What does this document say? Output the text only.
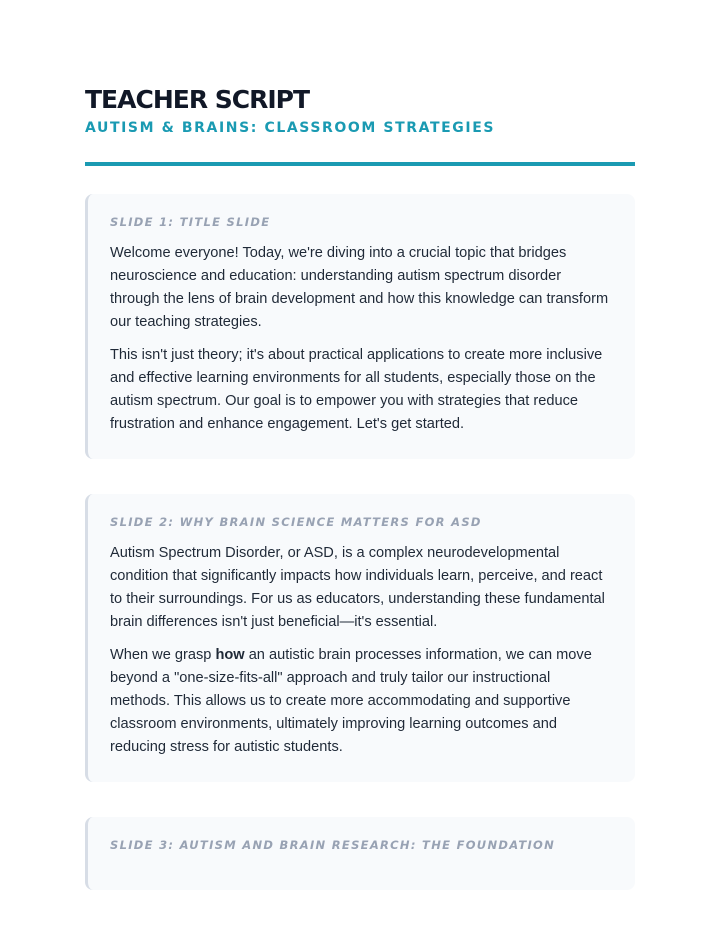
TEACHER SCRIPT
AUTISM & BRAINS: CLASSROOM STRATEGIES
SLIDE 1: TITLE SLIDE

Welcome everyone! Today, we're diving into a crucial topic that bridges neuroscience and education: understanding autism spectrum disorder through the lens of brain development and how this knowledge can transform our teaching strategies.

This isn't just theory; it's about practical applications to create more inclusive and effective learning environments for all students, especially those on the autism spectrum. Our goal is to empower you with strategies that reduce frustration and enhance engagement. Let's get started.

SLIDE 2: WHY BRAIN SCIENCE MATTERS FOR ASD

Autism Spectrum Disorder, or ASD, is a complex neurodevelopmental condition that significantly impacts how individuals learn, perceive, and react to their surroundings. For us as educators, understanding these fundamental brain differences isn't just beneficial—it's essential.

When we grasp how an autistic brain processes information, we can move beyond a "one-size-fits-all" approach and truly tailor our instructional methods. This allows us to create more accommodating and supportive classroom environments, ultimately improving learning outcomes and reducing stress for autistic students.

SLIDE 3: AUTISM AND BRAIN RESEARCH: THE FOUNDATION
